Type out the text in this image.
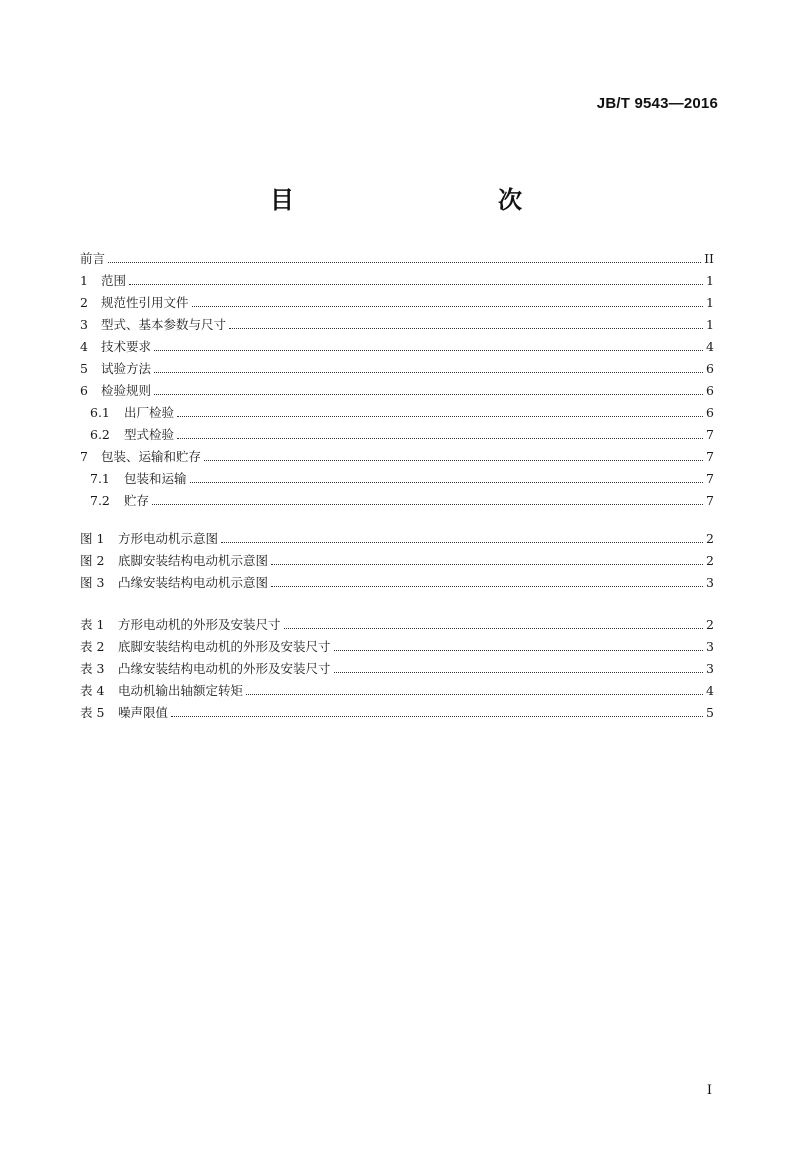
JB/T 9543—2016
目　　次
前言	II
1	范围	1
2	规范性引用文件	1
3	型式、基本参数与尺寸	1
4	技术要求	4
5	试验方法	6
6	检验规则	6
6.1	出厂检验	6
6.2	型式检验	7
7	包装、运输和贮存	7
7.1	包装和运输	7
7.2	贮存	7
图 1	方形电动机示意图	2
图 2	底脚安装结构电动机示意图	2
图 3	凸缘安装结构电动机示意图	3
表 1	方形电动机的外形及安装尺寸	2
表 2	底脚安装结构电动机的外形及安装尺寸	3
表 3	凸缘安装结构电动机的外形及安装尺寸	3
表 4	电动机输出轴额定转矩	4
表 5	噪声限值	5
I
